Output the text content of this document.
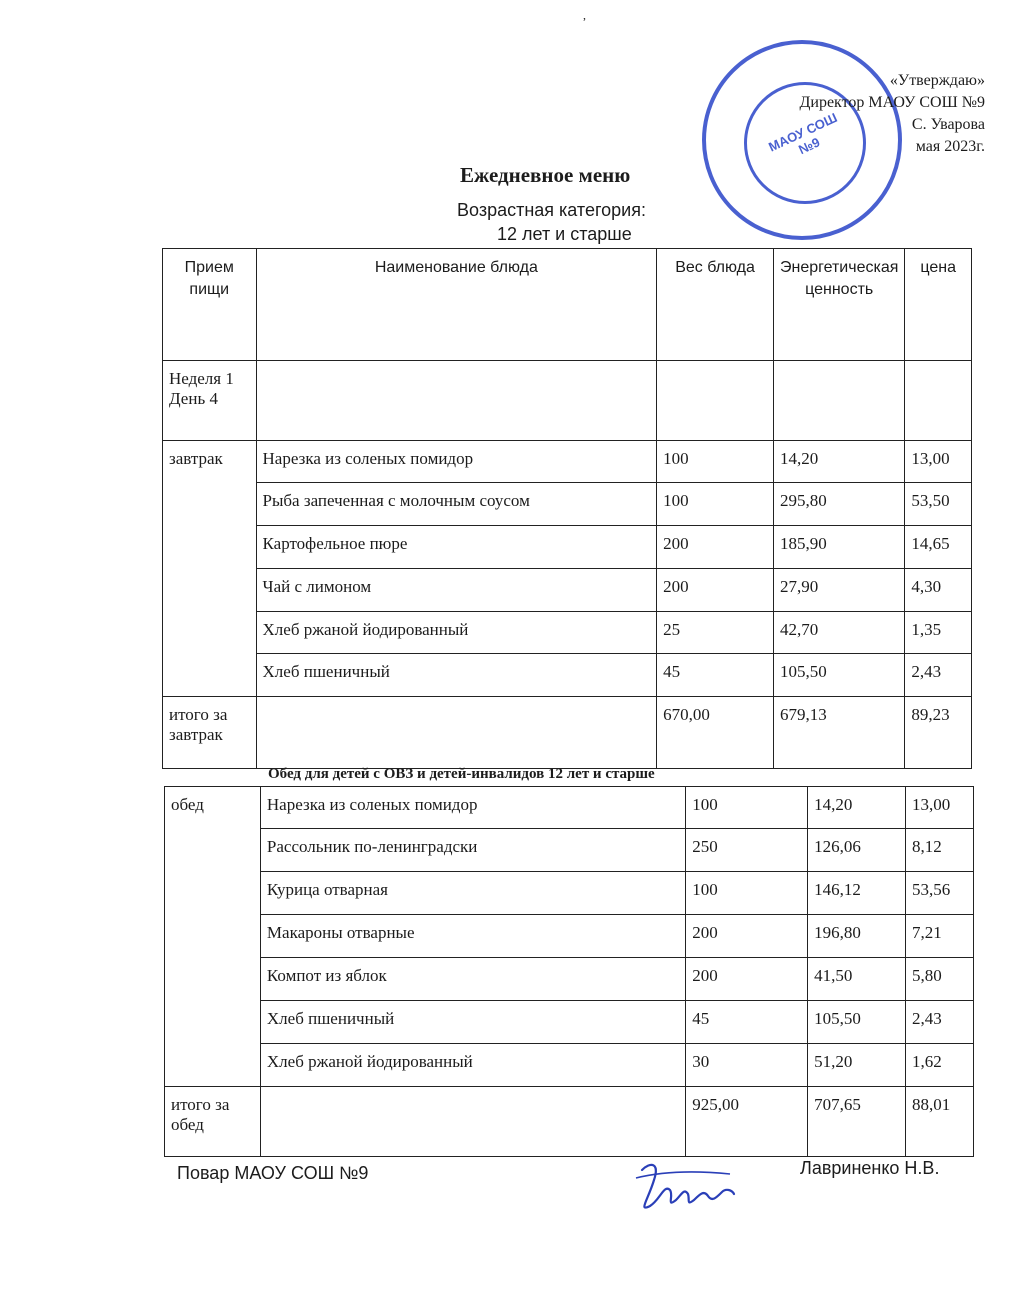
,
МАОУ СОШ №9
«Утверждаю»
Директор МАОУ СОШ №9
С. Уварова
мая 2023г.
Ежедневное меню
Возрастная категория:
12 лет и старше
Прием пищи	Наименование блюда	Вес блюда	Энергетическая ценность	цена
Неделя 1 День 4				
завтрак	Нарезка из соленых помидор	100	14,20	13,00
	Рыба запеченная с молочным соусом	100	295,80	53,50
	Картофельное пюре	200	185,90	14,65
	Чай с лимоном	200	27,90	4,30
	Хлеб ржаной йодированный	25	42,70	1,35
	Хлеб пшеничный	45	105,50	2,43
итого за завтрак		670,00	679,13	89,23
Обед для детей с ОВЗ и детей-инвалидов 12 лет и старше
обед	Нарезка из соленых помидор	100	14,20	13,00
	Рассольник по-ленинградски	250	126,06	8,12
	Курица отварная	100	146,12	53,56
	Макароны отварные	200	196,80	7,21
	Компот из яблок	200	41,50	5,80
	Хлеб пшеничный	45	105,50	2,43
	Хлеб ржаной йодированный	30	51,20	1,62
итого за обед		925,00	707,65	88,01
Повар МАОУ СОШ №9	Лавриненко Н.В.
